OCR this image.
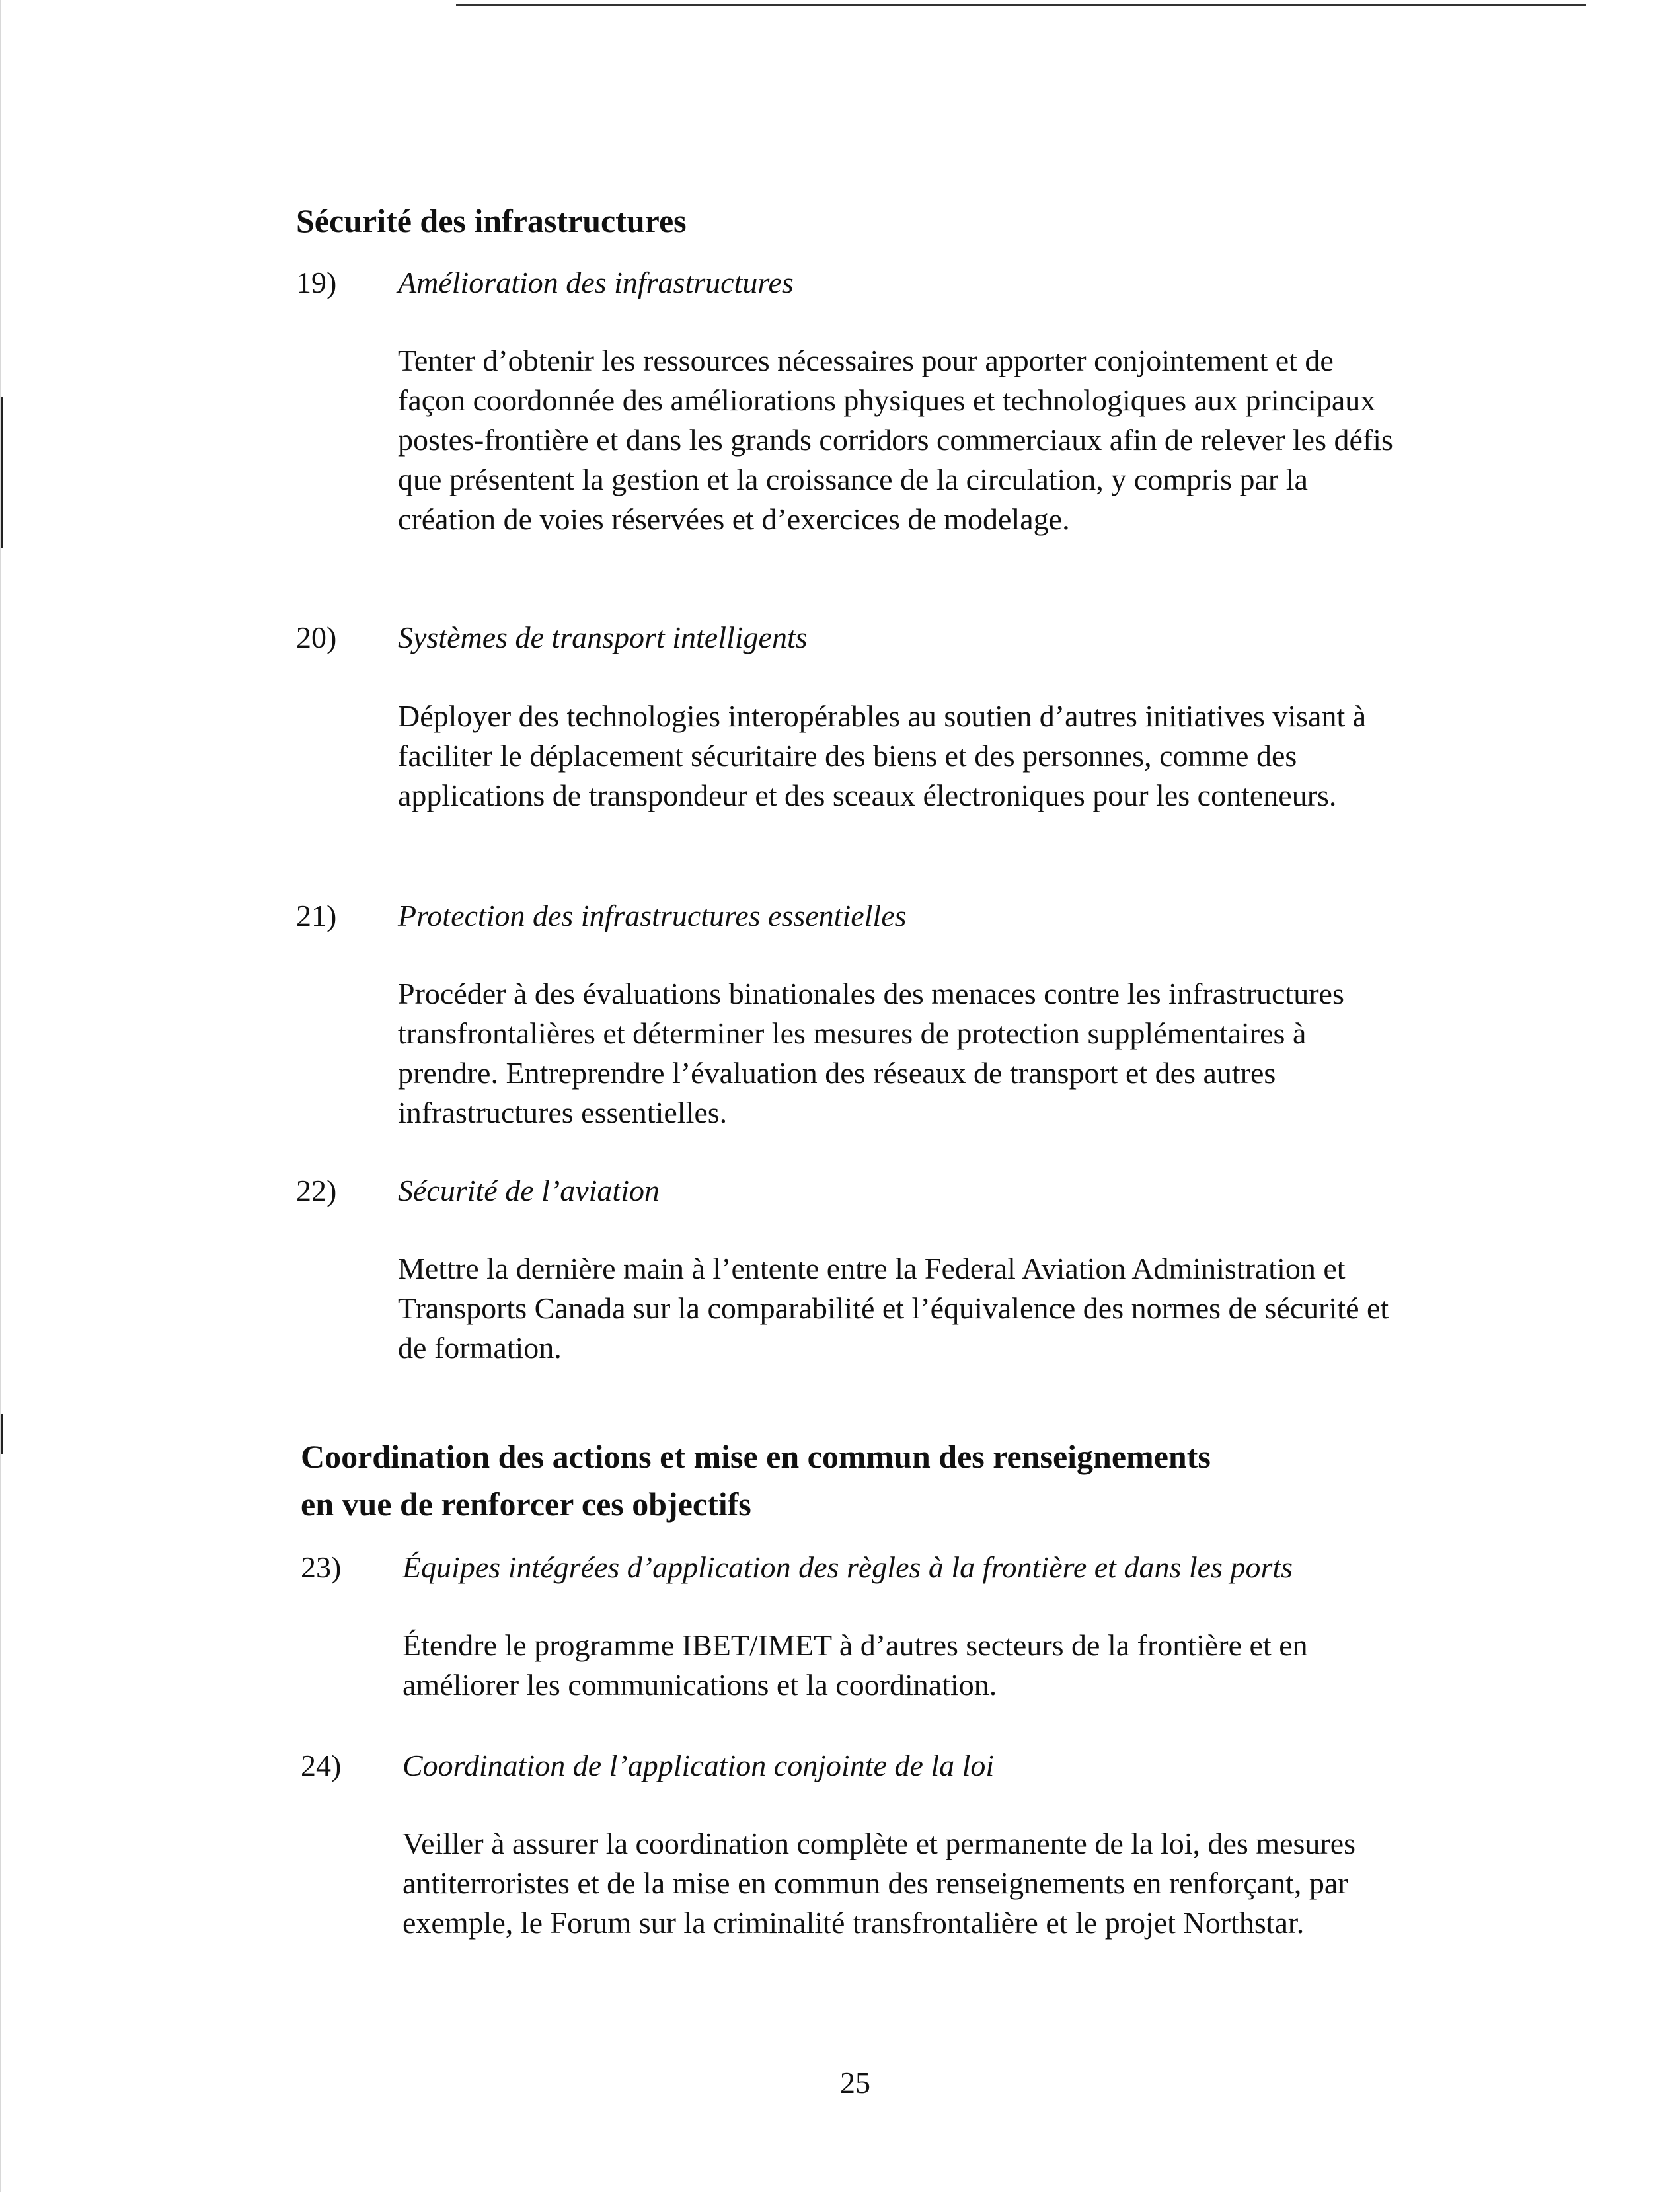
Sécurité des infrastructures
19) Amélioration des infrastructures

Tenter d’obtenir les ressources nécessaires pour apporter conjointement et de façon coordonnée des améliorations physiques et technologiques aux principaux postes-frontière et dans les grands corridors commerciaux afin de relever les défis que présentent la gestion et la croissance de la circulation, y compris par la création de voies réservées et d’exercices de modelage.

20) Systèmes de transport intelligents

Déployer des technologies interopérables au soutien d’autres initiatives visant à faciliter le déplacement sécuritaire des biens et des personnes, comme des applications de transpondeur et des sceaux électroniques pour les conteneurs.

21) Protection des infrastructures essentielles

Procéder à des évaluations binationales des menaces contre les infrastructures transfrontalières et déterminer les mesures de protection supplémentaires à prendre. Entreprendre l’évaluation des réseaux de transport et des autres infrastructures essentielles.

22) Sécurité de l’aviation

Mettre la dernière main à l’entente entre la Federal Aviation Administration et Transports Canada sur la comparabilité et l’équivalence des normes de sécurité et de formation.

Coordination des actions et mise en commun des renseignements
en vue de renforcer ces objectifs
23) Équipes intégrées d’application des règles à la frontière et dans les ports

Étendre le programme IBET/IMET à d’autres secteurs de la frontière et en améliorer les communications et la coordination.

24) Coordination de l’application conjointe de la loi

Veiller à assurer la coordination complète et permanente de la loi, des mesures antiterroristes et de la mise en commun des renseignements en renforçant, par exemple, le Forum sur la criminalité transfrontalière et le projet Northstar.

25
